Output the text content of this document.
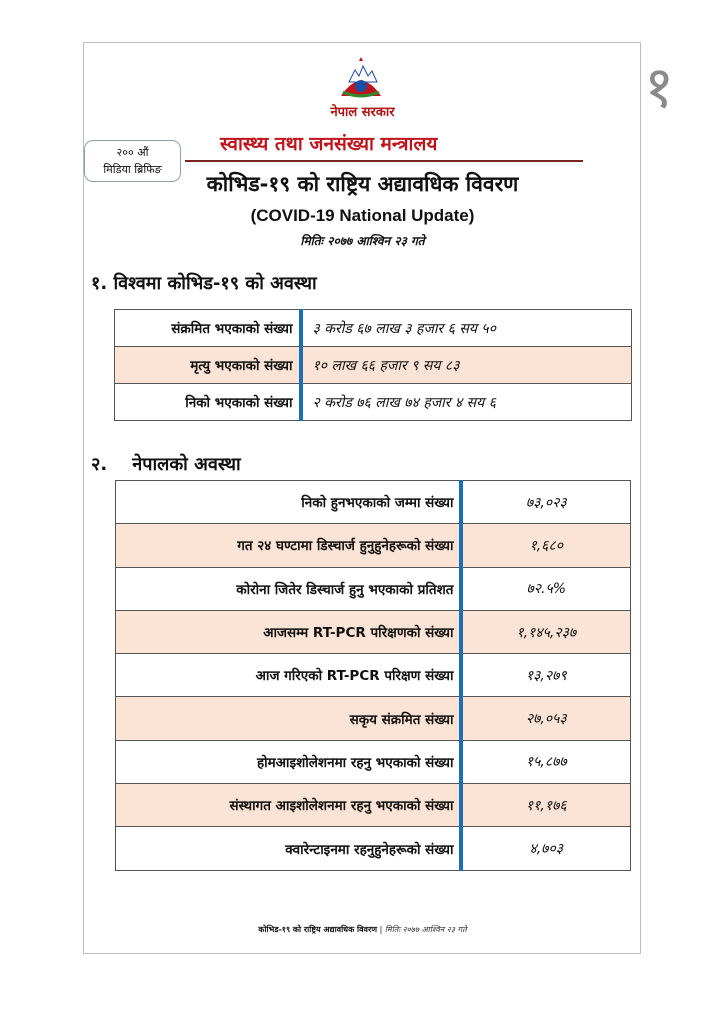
नेपाल सरकार
स्वास्थ्य तथा जनसंख्या मन्त्रालय
२०० औं
मिडिया ब्रिफिङ
कोभिड-१९ को राष्ट्रिय अद्यावधिक विवरण
(COVID-19 National Update)
मितिः २०७७ आश्विन २३ गते
१
१. विश्वमा कोभिड-१९ को अवस्था
संक्रमित भएकाको संख्या	३ करोड ६७ लाख ३ हजार ६ सय ५०
मृत्यु भएकाको संख्या	१० लाख ६६ हजार ९ सय ८३
निको भएकाको संख्या	२ करोड ७६ लाख ७४ हजार ४ सय ६
२.    नेपालको अवस्था
निको हुनभएकाको जम्मा संख्या	७३,०२३
गत २४ घण्टामा डिस्चार्ज हुनुहुनेहरूको संख्या	१,६८०
कोरोना जितेर डिस्चार्ज हुनु भएकाको प्रतिशत	७२.५%
आजसम्म RT-PCR परिक्षणको संख्या	१,१४५,२३७
आज गरिएको RT-PCR परिक्षण संख्या	१३,२७९
सकृय संक्रमित संख्या	२७,०५३
होमआइशोलेशनमा रहनु भएकाको संख्या	१५,८७७
संस्थागत आइशोलेशनमा रहनु भएकाको संख्या	११,१७६
क्वारेन्टाइनमा रहनुहुनेहरूको संख्या	४,७०३
कोभिड-१९ को राष्ट्रिय अद्यावधिक विवरण | मितिः २०७७ आश्विन २३ गते
